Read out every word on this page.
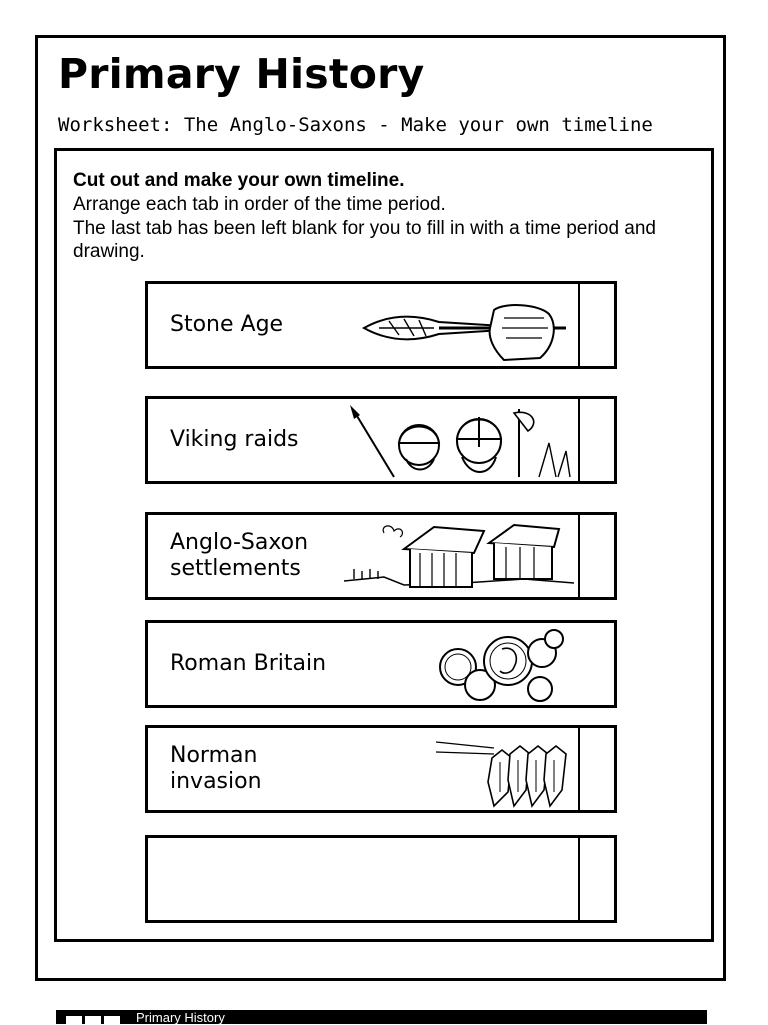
Primary History

Worksheet: The Anglo-Saxons - Make your own timeline

Cut out and make your own timeline.
Arrange each tab in order of the time period.
The last tab has been left blank for you to fill in with a time period and drawing.
Stone Age
Viking raids
Anglo-Saxon
settlements
Roman Britain
Norman invasion
Primary History
